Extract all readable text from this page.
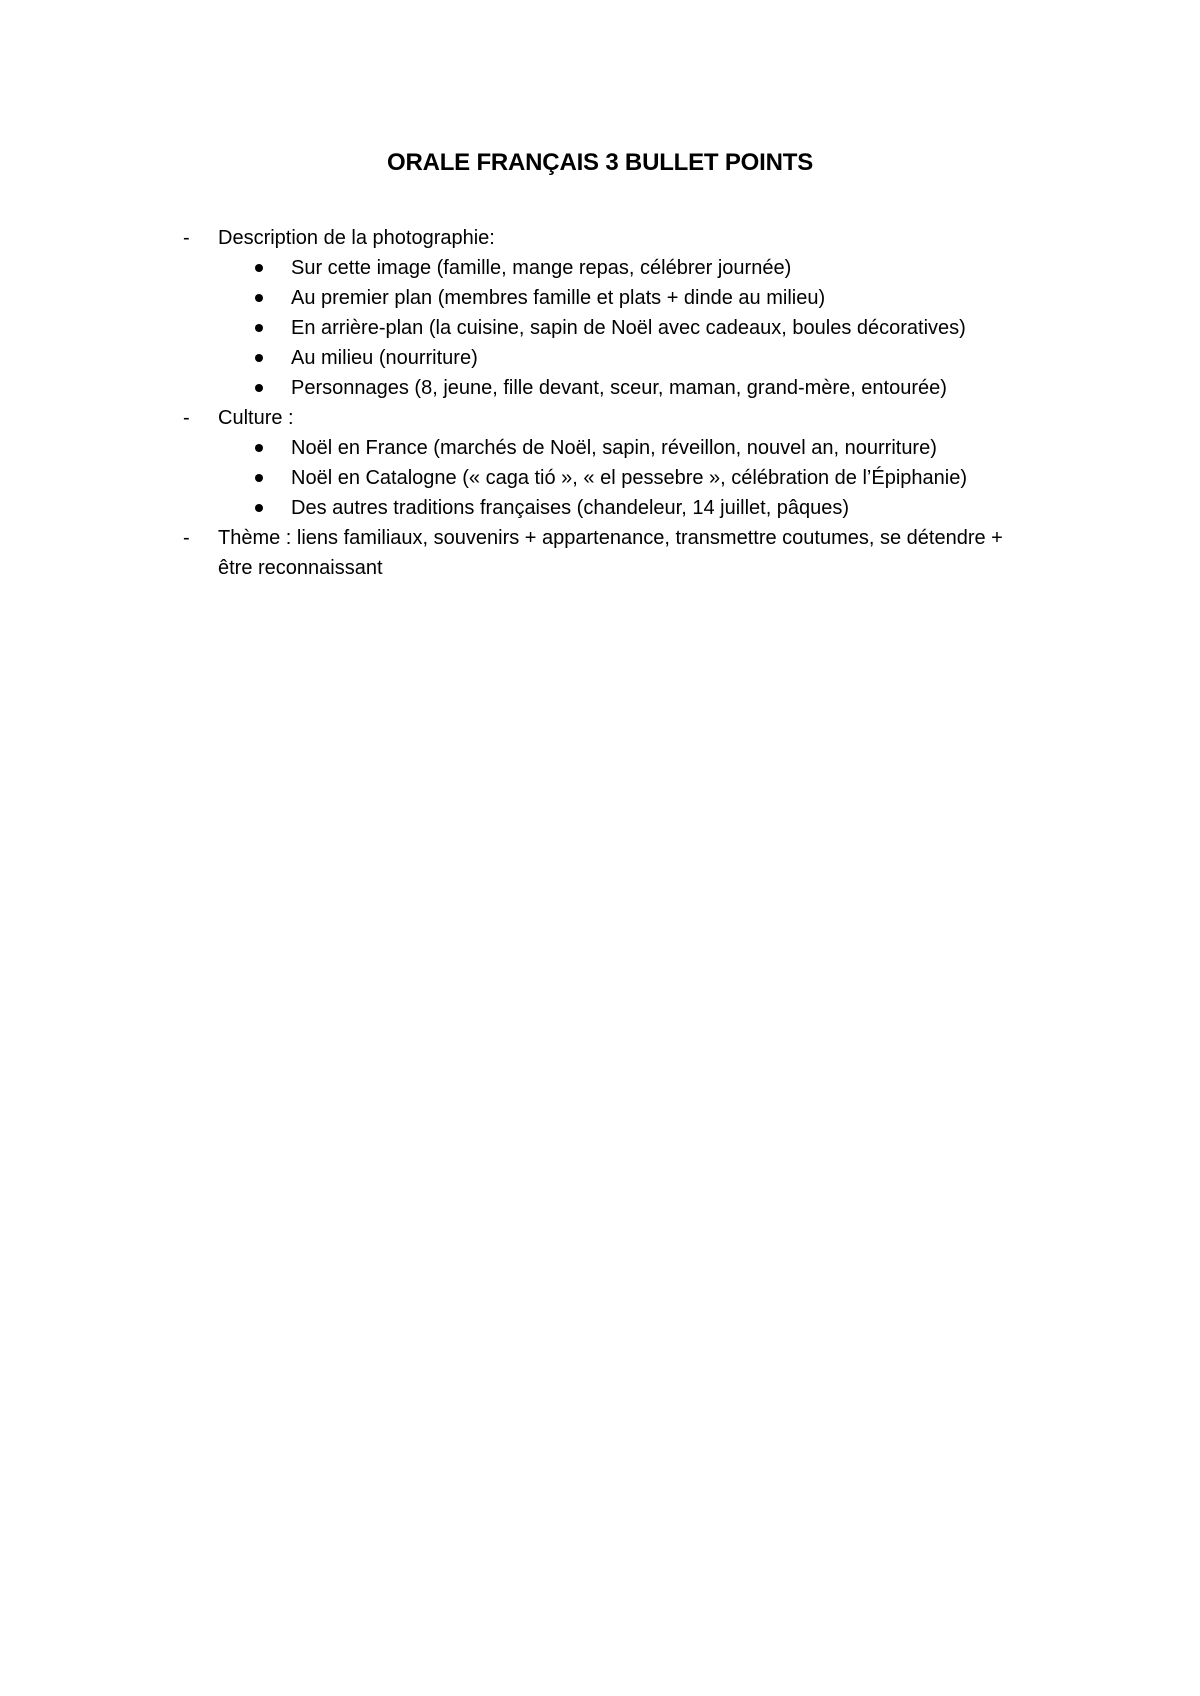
ORALE FRANÇAIS 3 BULLET POINTS
-	Description de la photographie:
Sur cette image (famille, mange repas, célébrer journée)
Au premier plan (membres famille et plats + dinde au milieu)
En arrière-plan (la cuisine, sapin de Noël avec cadeaux, boules décoratives)
Au milieu (nourriture)
Personnages (8, jeune, fille devant, sceur, maman, grand-mère, entourée)
-	Culture :
Noël en France (marchés de Noël, sapin, réveillon, nouvel an, nourriture)
Noël en Catalogne (« caga tió », « el pessebre », célébration de l’Épiphanie)
Des autres traditions françaises (chandeleur, 14 juillet, pâques)
-	Thème : liens familiaux, souvenirs + appartenance, transmettre coutumes, se détendre + être reconnaissant
